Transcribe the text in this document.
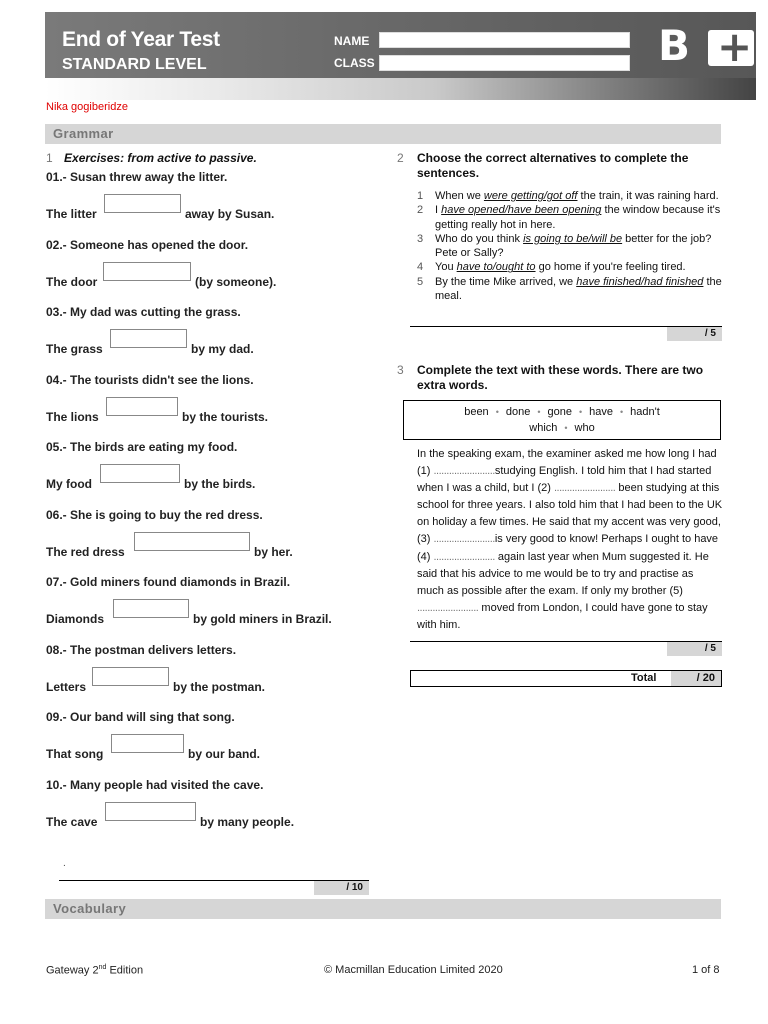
End of Year Test
STANDARD LEVEL
NAME
CLASS	B +
Nika gogiberidze
Grammar
1 Exercises: from active to passive.
01.- Susan threw away the litter.
The litter	away by Susan.
02.- Someone has opened the door.
The door	(by someone).
03.- My dad was cutting the grass.
The grass	by my dad.
04.- The tourists didn't see the lions.
The lions	by the tourists.
05.- The birds are eating my food.
My food	by the birds.
06.- She is going to buy the red dress.
The red dress	by her.
07.- Gold miners found diamonds in Brazil.
Diamonds	by gold miners in Brazil.
08.- The postman delivers letters.
Letters	by the postman.
09.- Our band will sing that song.
That song	by our band.
10.- Many people had visited the cave.
The cave	by many people.
.
/ 10
2	Choose the correct alternatives to complete the sentences.
1 When we were getting/got off the train, it was raining hard.
2 I have opened/have been opening the window because it's getting really hot in here.
3 Who do you think is going to be/will be better for the job? Pete or Sally?
4 You have to/ought to go home if you're feeling tired.
5 By the time Mike arrived, we have finished/had finished the meal.
/ 5
3	Complete the text with these words. There are two extra words.
been • done • gone • have • hadn't
which • who
In the speaking exam, the examiner asked me how long I had (1) ........................studying English. I told him that I had started when I was a child, but I (2) ........................ been studying at this school for three years. I also told him that I had been to the UK on holiday a few times. He said that my accent was very good, (3) ........................is very good to know! Perhaps I ought to have (4) ........................ again last year when Mum suggested it. He said that his advice to me would be to try and practise as much as possible after the exam. If only my brother (5) ........................ moved from London, I could have gone to stay with him.
/ 5
Total	/ 20
Vocabulary
Gateway 2nd Edition	© Macmillan Education Limited 2020	1 of 8
